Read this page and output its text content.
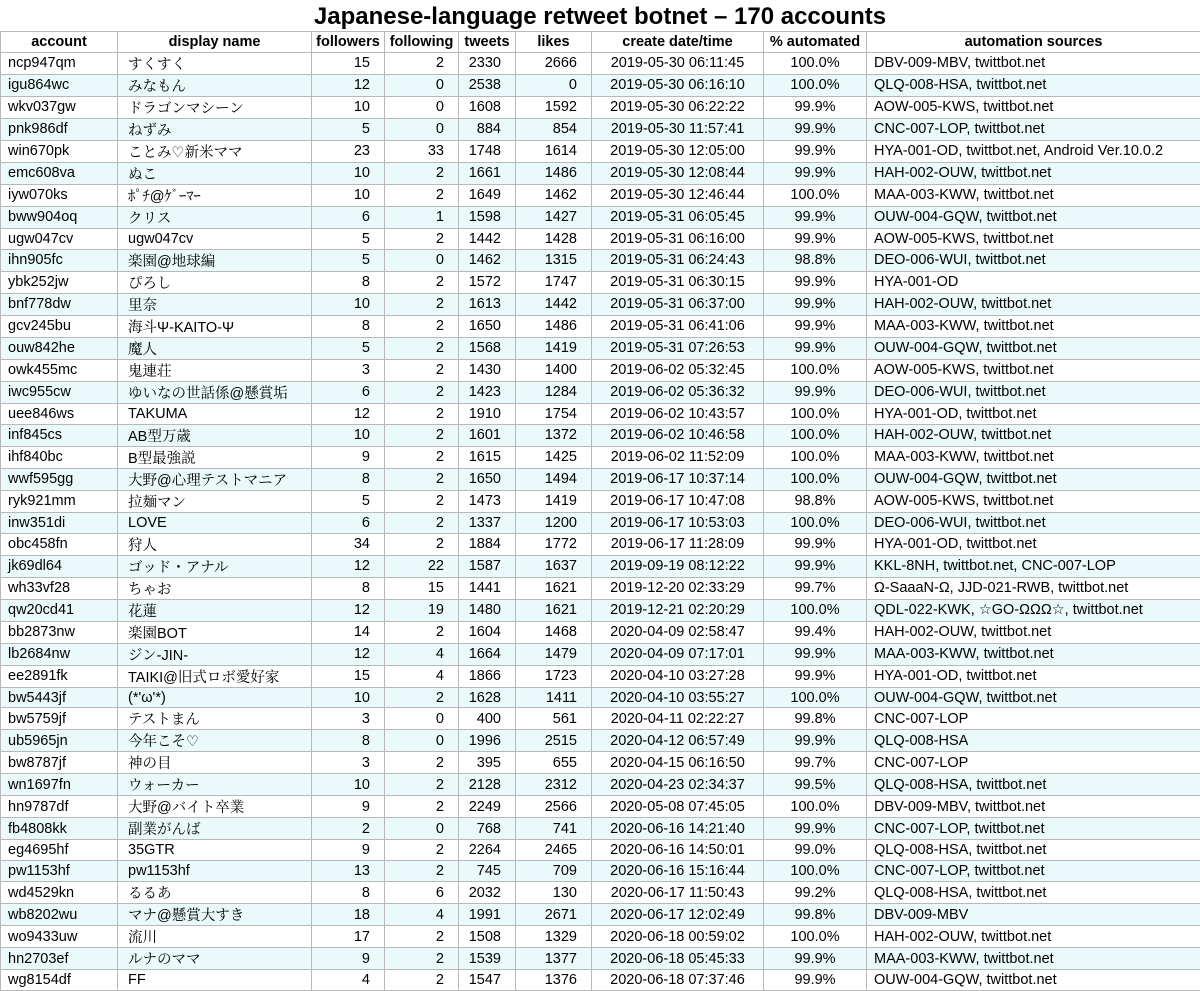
Japanese-language retweet botnet – 170 accounts
account	display name	followers	following	tweets	likes	create date/time	% automated	automation sources
ncp947qm	すくすく	15	2	2330	2666	2019-05-30 06:11:45	100.0%	DBV-009-MBV, twittbot.net
igu864wc	みなもん	12	0	2538	0	2019-05-30 06:16:10	100.0%	QLQ-008-HSA, twittbot.net
wkv037gw	ドラゴンマシーン	10	0	1608	1592	2019-05-30 06:22:22	99.9%	AOW-005-KWS, twittbot.net
pnk986df	ねずみ	5	0	884	854	2019-05-30 11:57:41	99.9%	CNC-007-LOP, twittbot.net
win670pk	ことみ♡新米ママ	23	33	1748	1614	2019-05-30 12:05:00	99.9%	HYA-001-OD, twittbot.net, Android Ver.10.0.2
emc608va	ぬこ	10	2	1661	1486	2019-05-30 12:08:44	99.9%	HAH-002-OUW, twittbot.net
iyw070ks	ﾎﾟﾁ@ｹﾞｰﾏｰ	10	2	1649	1462	2019-05-30 12:46:44	100.0%	MAA-003-KWW, twittbot.net
bww904oq	クリス	6	1	1598	1427	2019-05-31 06:05:45	99.9%	OUW-004-GQW, twittbot.net
ugw047cv	ugw047cv	5	2	1442	1428	2019-05-31 06:16:00	99.9%	AOW-005-KWS, twittbot.net
ihn905fc	楽園@地球編	5	0	1462	1315	2019-05-31 06:24:43	98.8%	DEO-006-WUI, twittbot.net
ybk252jw	ぴろし	8	2	1572	1747	2019-05-31 06:30:15	99.9%	HYA-001-OD
bnf778dw	里奈	10	2	1613	1442	2019-05-31 06:37:00	99.9%	HAH-002-OUW, twittbot.net
gcv245bu	海斗Ψ-KAITO-Ψ	8	2	1650	1486	2019-05-31 06:41:06	99.9%	MAA-003-KWW, twittbot.net
ouw842he	魔人	5	2	1568	1419	2019-05-31 07:26:53	99.9%	OUW-004-GQW, twittbot.net
owk455mc	鬼連荘	3	2	1430	1400	2019-06-02 05:32:45	100.0%	AOW-005-KWS, twittbot.net
iwc955cw	ゆいなの世話係@懸賞垢	6	2	1423	1284	2019-06-02 05:36:32	99.9%	DEO-006-WUI, twittbot.net
uee846ws	TAKUMA	12	2	1910	1754	2019-06-02 10:43:57	100.0%	HYA-001-OD, twittbot.net
inf845cs	AB型万歳	10	2	1601	1372	2019-06-02 10:46:58	100.0%	HAH-002-OUW, twittbot.net
ihf840bc	B型最強説	9	2	1615	1425	2019-06-02 11:52:09	100.0%	MAA-003-KWW, twittbot.net
wwf595gg	大野@心理テストマニア	8	2	1650	1494	2019-06-17 10:37:14	100.0%	OUW-004-GQW, twittbot.net
ryk921mm	拉麺マン	5	2	1473	1419	2019-06-17 10:47:08	98.8%	AOW-005-KWS, twittbot.net
inw351di	LOVE	6	2	1337	1200	2019-06-17 10:53:03	100.0%	DEO-006-WUI, twittbot.net
obc458fn	狩人	34	2	1884	1772	2019-06-17 11:28:09	99.9%	HYA-001-OD, twittbot.net
jk69dl64	ゴッド・アナル	12	22	1587	1637	2019-09-19 08:12:22	99.9%	KKL-8NH, twittbot.net, CNC-007-LOP
wh33vf28	ちゃお	8	15	1441	1621	2019-12-20 02:33:29	99.7%	Ω-SaaaN-Ω, JJD-021-RWB, twittbot.net
qw20cd41	花蓮	12	19	1480	1621	2019-12-21 02:20:29	100.0%	QDL-022-KWK, ☆GO-ΩΩΩ☆, twittbot.net
bb2873nw	楽園BOT	14	2	1604	1468	2020-04-09 02:58:47	99.4%	HAH-002-OUW, twittbot.net
lb2684nw	ジン-JIN-	12	4	1664	1479	2020-04-09 07:17:01	99.9%	MAA-003-KWW, twittbot.net
ee2891fk	TAIKI@旧式ロボ愛好家	15	4	1866	1723	2020-04-10 03:27:28	99.9%	HYA-001-OD, twittbot.net
bw5443jf	(*'ω'*)	10	2	1628	1411	2020-04-10 03:55:27	100.0%	OUW-004-GQW, twittbot.net
bw5759jf	テストまん	3	0	400	561	2020-04-11 02:22:27	99.8%	CNC-007-LOP
ub5965jn	今年こそ♡	8	0	1996	2515	2020-04-12 06:57:49	99.9%	QLQ-008-HSA
bw8787jf	神の目	3	2	395	655	2020-04-15 06:16:50	99.7%	CNC-007-LOP
wn1697fn	ウォーカー	10	2	2128	2312	2020-04-23 02:34:37	99.5%	QLQ-008-HSA, twittbot.net
hn9787df	大野@バイト卒業	9	2	2249	2566	2020-05-08 07:45:05	100.0%	DBV-009-MBV, twittbot.net
fb4808kk	副業がんば	2	0	768	741	2020-06-16 14:21:40	99.9%	CNC-007-LOP, twittbot.net
eg4695hf	35GTR	9	2	2264	2465	2020-06-16 14:50:01	99.0%	QLQ-008-HSA, twittbot.net
pw1153hf	pw1153hf	13	2	745	709	2020-06-16 15:16:44	100.0%	CNC-007-LOP, twittbot.net
wd4529kn	るるあ	8	6	2032	130	2020-06-17 11:50:43	99.2%	QLQ-008-HSA, twittbot.net
wb8202wu	マナ@懸賞大すき	18	4	1991	2671	2020-06-17 12:02:49	99.8%	DBV-009-MBV
wo9433uw	流川	17	2	1508	1329	2020-06-18 00:59:02	100.0%	HAH-002-OUW, twittbot.net
hn2703ef	ルナのママ	9	2	1539	1377	2020-06-18 05:45:33	99.9%	MAA-003-KWW, twittbot.net
wg8154df	FF	4	2	1547	1376	2020-06-18 07:37:46	99.9%	OUW-004-GQW, twittbot.net
